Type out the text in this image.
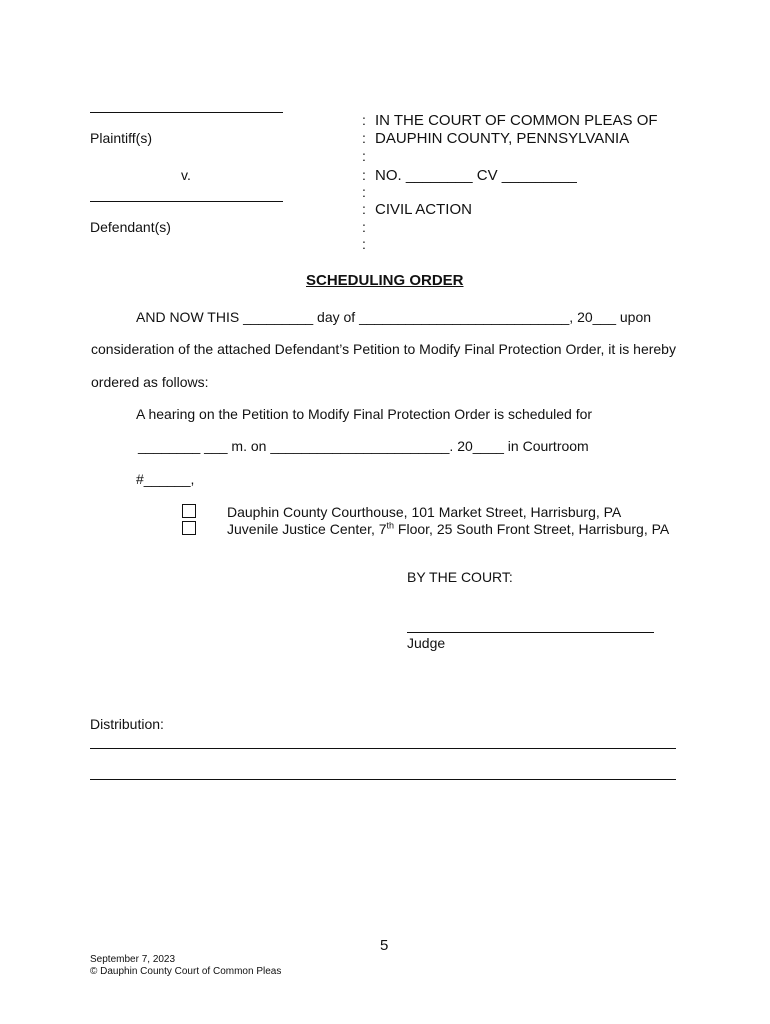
Plaintiff(s)
v.
Defendant(s)
:
:
:
:
:
:
:
:
IN THE COURT OF COMMON PLEAS OF
DAUPHIN COUNTY, PENNSYLVANIA
NO. ________ CV _________
CIVIL ACTION
SCHEDULING ORDER
AND NOW THIS _________ day of ___________________________, 20___ upon
consideration of the attached Defendant’s Petition to Modify Final Protection Order, it is hereby
ordered as follows:
A hearing on the Petition to Modify Final Protection Order is scheduled for
________ ___ m. on _______________________. 20____ in Courtroom
#______,
Dauphin County Courthouse, 101 Market Street, Harrisburg, PA
Juvenile Justice Center, 7th Floor, 25 South Front Street, Harrisburg, PA
BY THE COURT:
Judge
Distribution:
5
September 7, 2023
© Dauphin County Court of Common Pleas
